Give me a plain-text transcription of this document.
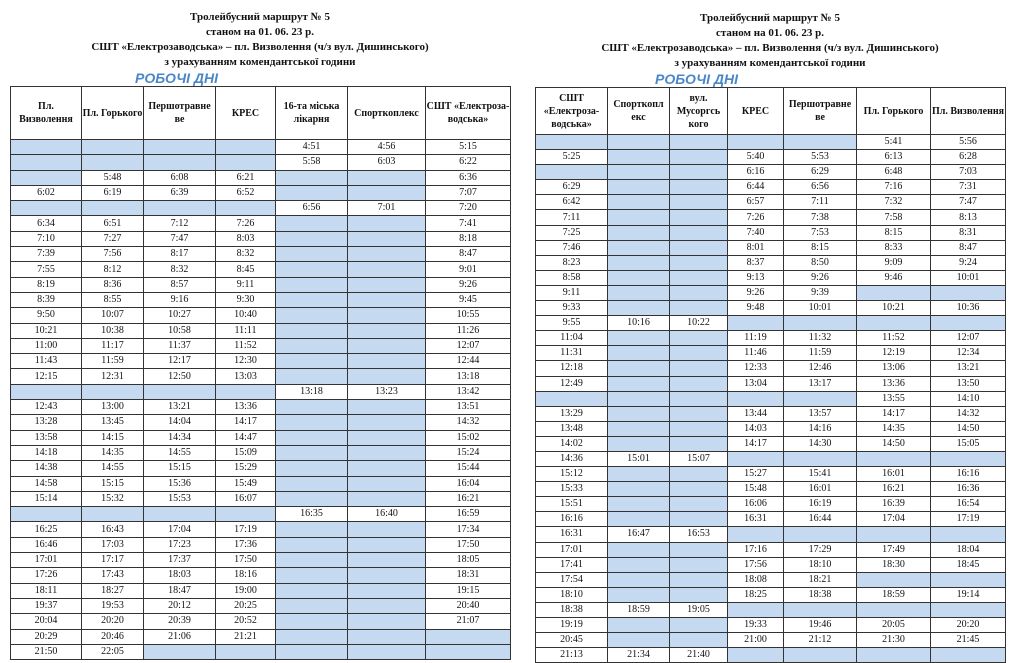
Тролейбусний маршрут № 5
станом на 01. 06. 23 р.
СШТ «Електрозаводська» – пл. Визволення (ч/з вул. Дишинського)
з урахуванням комендантської години
РОБОЧІ ДНІ
Пл. Визволення	Пл. Горького	Першотравне ве	КРЕС	16-та міська лікарня	Спорткоплекс	СШТ «Електроза-водська»
				4:51	4:56	5:15
				5:58	6:03	6:22
	5:48	6:08	6:21			6:36
6:02	6:19	6:39	6:52			7:07
				6:56	7:01	7:20
6:34	6:51	7:12	7:26			7:41
7:10	7:27	7:47	8:03			8:18
7:39	7:56	8:17	8:32			8:47
7:55	8:12	8:32	8:45			9:01
8:19	8:36	8:57	9:11			9:26
8:39	8:55	9:16	9:30			9:45
9:50	10:07	10:27	10:40			10:55
10:21	10:38	10:58	11:11			11:26
11:00	11:17	11:37	11:52			12:07
11:43	11:59	12:17	12:30			12:44
12:15	12:31	12:50	13:03			13:18
				13:18	13:23	13:42
12:43	13:00	13:21	13:36			13:51
13:28	13:45	14:04	14:17			14:32
13:58	14:15	14:34	14:47			15:02
14:18	14:35	14:55	15:09			15:24
14:38	14:55	15:15	15:29			15:44
14:58	15:15	15:36	15:49			16:04
15:14	15:32	15:53	16:07			16:21
				16:35	16:40	16:59
16:25	16:43	17:04	17:19			17:34
16:46	17:03	17:23	17:36			17:50
17:01	17:17	17:37	17:50			18:05
17:26	17:43	18:03	18:16			18:31
18:11	18:27	18:47	19:00			19:15
19:37	19:53	20:12	20:25			20:40
20:04	20:20	20:39	20:52			21:07
20:29	20:46	21:06	21:21			
21:50	22:05					
Тролейбусний маршрут № 5
станом на 01. 06. 23 р.
СШТ «Електрозаводська» – пл. Визволення (ч/з вул. Дишинського)
з урахуванням комендантської години
РОБОЧІ ДНІ
СШТ «Електроза-водська»	Спорткопл екс	вул. Мусоргсь кого	КРЕС	Першотравне ве	Пл. Горького	Пл. Визволення
					5:41	5:56
5:25			5:40	5:53	6:13	6:28
			6:16	6:29	6:48	7:03
6:29			6:44	6:56	7:16	7:31
6:42			6:57	7:11	7:32	7:47
7:11			7:26	7:38	7:58	8:13
7:25			7:40	7:53	8:15	8:31
7:46			8:01	8:15	8:33	8:47
8:23			8:37	8:50	9:09	9:24
8:58			9:13	9:26	9:46	10:01
9:11			9:26	9:39		
9:33			9:48	10:01	10:21	10:36
9:55	10:16	10:22				
11:04			11:19	11:32	11:52	12:07
11:31			11:46	11:59	12:19	12:34
12:18			12:33	12:46	13:06	13:21
12:49			13:04	13:17	13:36	13:50
					13:55	14:10
13:29			13:44	13:57	14:17	14:32
13:48			14:03	14:16	14:35	14:50
14:02			14:17	14:30	14:50	15:05
14:36	15:01	15:07				
15:12			15:27	15:41	16:01	16:16
15:33			15:48	16:01	16:21	16:36
15:51			16:06	16:19	16:39	16:54
16:16			16:31	16:44	17:04	17:19
16:31	16:47	16:53				
17:01			17:16	17:29	17:49	18:04
17:41			17:56	18:10	18:30	18:45
17:54			18:08	18:21		
18:10			18:25	18:38	18:59	19:14
18:38	18:59	19:05				
19:19			19:33	19:46	20:05	20:20
20:45			21:00	21:12	21:30	21:45
21:13	21:34	21:40				
